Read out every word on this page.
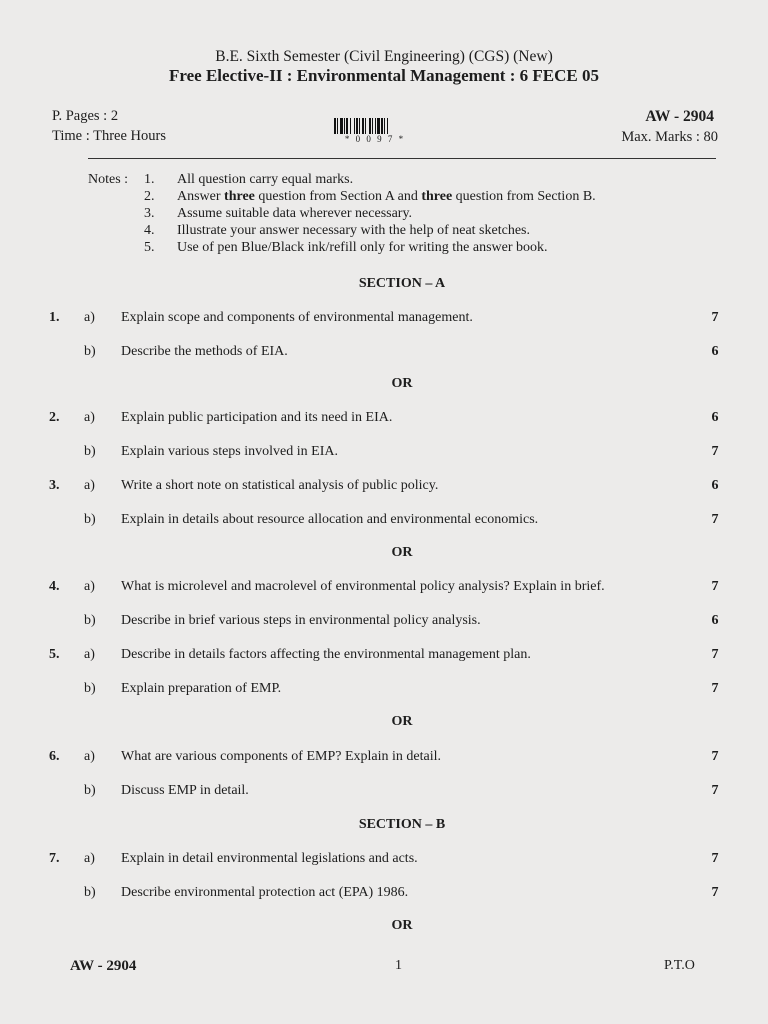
B.E. Sixth Semester (Civil Engineering) (CGS) (New)
Free Elective-II : Environmental Management : 6 FECE 05
P. Pages : 2
Time : Three Hours
AW - 2904
Max. Marks : 80
* 0 0 9 7 *
Notes : 1. All question carry equal marks.
2. Answer three question from Section A and three question from Section B.
3. Assume suitable data wherever necessary.
4. Illustrate your answer necessary with the help of neat sketches.
5. Use of pen Blue/Black ink/refill only for writing the answer book.
SECTION – A
1. a) Explain scope and components of environmental management.	7
b) Describe the methods of EIA.	6
OR
2. a) Explain public participation and its need in EIA.	6
b) Explain various steps involved in EIA.	7
3. a) Write a short note on statistical analysis of public policy.	6
b) Explain in details about resource allocation and environmental economics.	7
OR
4. a) What is microlevel and macrolevel of environmental policy analysis? Explain in brief.	7
b) Describe in brief various steps in environmental policy analysis.	6
5. a) Describe in details factors affecting the environmental management plan.	7
b) Explain preparation of EMP.	7
OR
6. a) What are various components of EMP? Explain in detail.	7
b) Discuss EMP in detail.	7
SECTION – B
7. a) Explain in detail environmental legislations and acts.	7
b) Describe environmental protection act (EPA) 1986.	7
OR
AW - 2904	1	P.T.O
